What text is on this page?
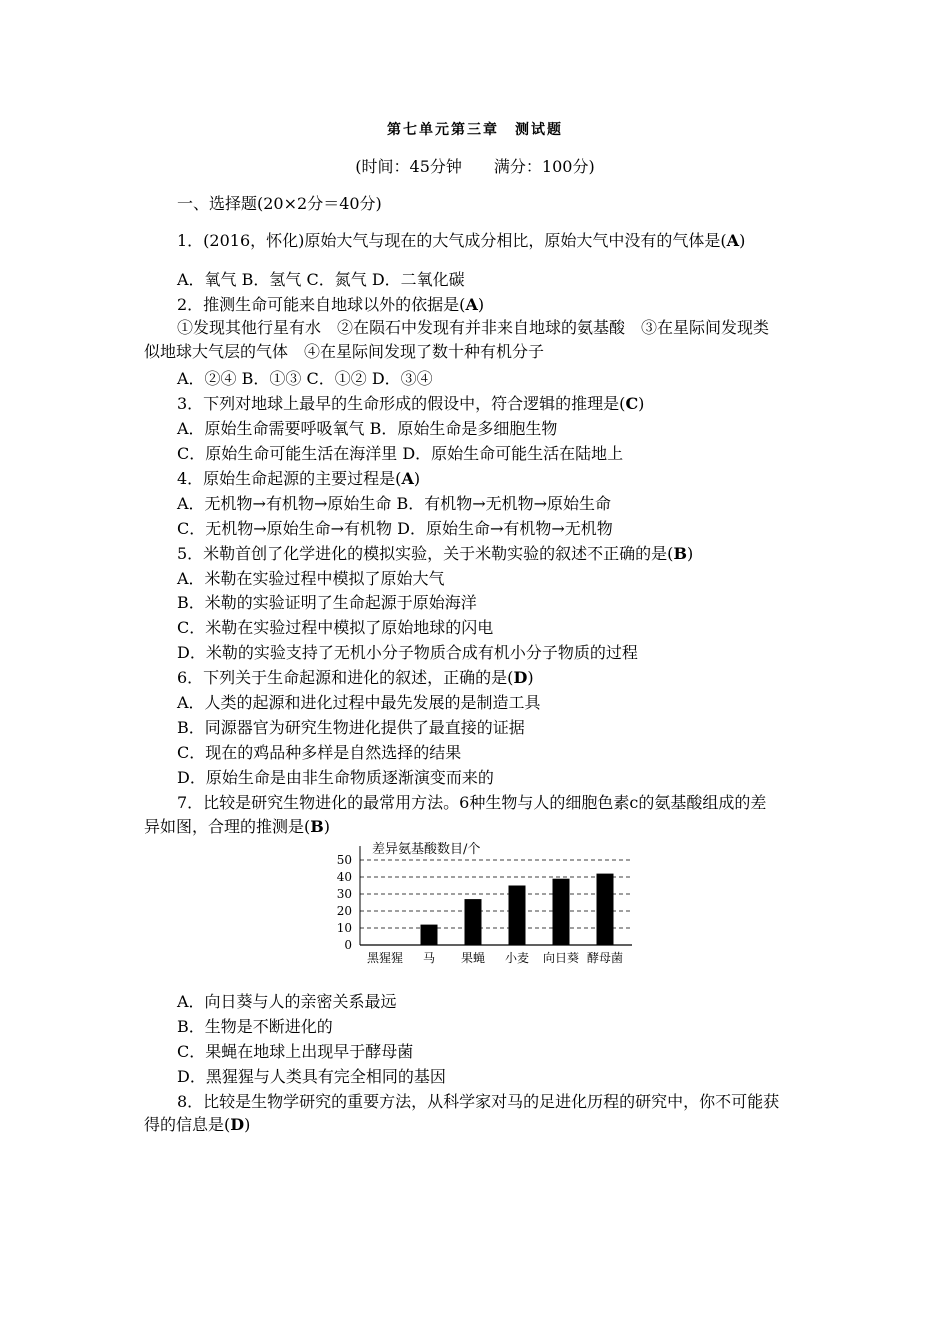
第七单元第三章　测试题
(时间：45分钟　　满分：100分)
一、选择题(20×2分＝40分)
1．(2016，怀化)原始大气与现在的大气成分相比，原始大气中没有的气体是(A)
A．氧气 B．氢气 C．氮气 D．二氧化碳
2．推测生命可能来自地球以外的依据是(A)
①发现其他行星有水　②在陨石中发现有并非来自地球的氨基酸　③在星际间发现类
似地球大气层的气体　④在星际间发现了数十种有机分子
A．②④ B．①③ C．①② D．③④
3．下列对地球上最早的生命形成的假设中，符合逻辑的推理是(C)
A．原始生命需要呼吸氧气 B．原始生命是多细胞生物
C．原始生命可能生活在海洋里 D．原始生命可能生活在陆地上
4．原始生命起源的主要过程是(A)
A．无机物→有机物→原始生命 B．有机物→无机物→原始生命
C．无机物→原始生命→有机物 D．原始生命→有机物→无机物
5．米勒首创了化学进化的模拟实验，关于米勒实验的叙述不正确的是(B)
A．米勒在实验过程中模拟了原始大气
B．米勒的实验证明了生命起源于原始海洋
C．米勒在实验过程中模拟了原始地球的闪电
D．米勒的实验支持了无机小分子物质合成有机小分子物质的过程
6．下列关于生命起源和进化的叙述，正确的是(D)
A．人类的起源和进化过程中最先发展的是制造工具
B．同源器官为研究生物进化提供了最直接的证据
C．现在的鸡品种多样是自然选择的结果
D．原始生命是由非生命物质逐渐演变而来的
7．比较是研究生物进化的最常用方法。6种生物与人的细胞色素c的氨基酸组成的差
异如图，合理的推测是(B)
差异氨基酸数目/个
0
10
20
30
40
50
黑猩猩 马 果蝇 小麦 向日葵 酵母菌
A．向日葵与人的亲密关系最远
B．生物是不断进化的
C．果蝇在地球上出现早于酵母菌
D．黑猩猩与人类具有完全相同的基因
8．比较是生物学研究的重要方法，从科学家对马的足进化历程的研究中，你不可能获
得的信息是(D)
